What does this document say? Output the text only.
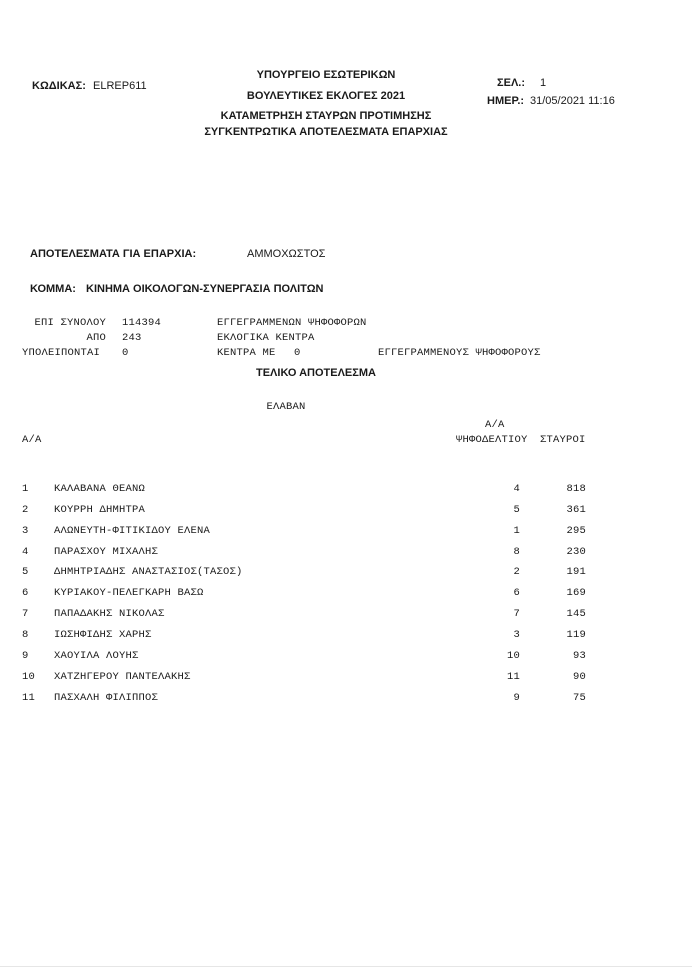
ΚΩΔΙΚΑΣ: ELREP611
ΥΠΟΥΡΓΕΙΟ ΕΣΩΤΕΡΙΚΩΝ
ΒΟΥΛΕΥΤΙΚΕΣ ΕΚΛΟΓΕΣ 2021
ΚΑΤΑΜΕΤΡΗΣΗ ΣΤΑΥΡΩΝ ΠΡΟΤΙΜΗΣΗΣ
ΣΥΓΚΕΝΤΡΩΤΙΚΑ ΑΠΟΤΕΛΕΣΜΑΤΑ ΕΠΑΡΧΙΑΣ
ΣΕΛ.: 1
ΗΜΕΡ.: 31/05/2021 11:16
ΑΠΟΤΕΛΕΣΜΑΤΑ ΓΙΑ ΕΠΑΡΧΙΑ:	ΑΜΜΟΧΩΣΤΟΣ
ΚΟΜΜΑ: ΚΙΝΗΜΑ ΟΙΚΟΛΟΓΩΝ-ΣΥΝΕΡΓΑΣΙΑ ΠΟΛΙΤΩΝ
ΕΠΙ ΣΥΝΟΛΟΥ 114394	ΕΓΓΕΓΡΑΜΜΕΝΩΝ ΨΗΦΟΦΟΡΩΝ
ΑΠΟ 243	ΕΚΛΟΓΙΚΑ ΚΕΝΤΡΑ
ΥΠΟΛΕΙΠΟΝΤΑΙ 0	ΚΕΝΤΡΑ ΜΕ 0	ΕΓΓΕΓΡΑΜΜΕΝΟΥΣ ΨΗΦΟΦΟΡΟΥΣ
ΤΕΛΙΚΟ ΑΠΟΤΕΛΕΣΜΑ
ΕΛΑΒΑΝ
Α/Α
Α/Α
ΨΗΦΟΔΕΛΤΙΟΥ ΣΤΑΥΡΟΙ
1 ΚΑΛΑΒΑΝΑ ΘΕΑΝΩ	4	818
2 ΚΟΥΡΡΗ ΔΗΜΗΤΡΑ	5	361
3 ΑΛΩΝΕΥΤΗ-ΦΙΤΙΚΙΔΟΥ ΕΛΕΝΑ	1	295
4 ΠΑΡΑΣΧΟΥ ΜΙΧΑΛΗΣ	8	230
5 ΔΗΜΗΤΡΙΑΔΗΣ ΑΝΑΣΤΑΣΙΟΣ(ΤΑΣΟΣ)	2	191
6 ΚΥΡΙΑΚΟΥ-ΠΕΛΕΓΚΑΡΗ ΒΑΣΩ	6	169
7 ΠΑΠΑΔΑΚΗΣ ΝΙΚΟΛΑΣ	7	145
8 ΙΩΣΗΦΙΔΗΣ ΧΑΡΗΣ	3	119
9 ΧΑΟΥΙΛΑ ΛΟΥΗΣ	10	93
10 ΧΑΤΖΗΓΕΡΟΥ ΠΑΝΤΕΛΑΚΗΣ	11	90
11 ΠΑΣΧΑΛΗ ΦΙΛΙΠΠΟΣ	9	75
